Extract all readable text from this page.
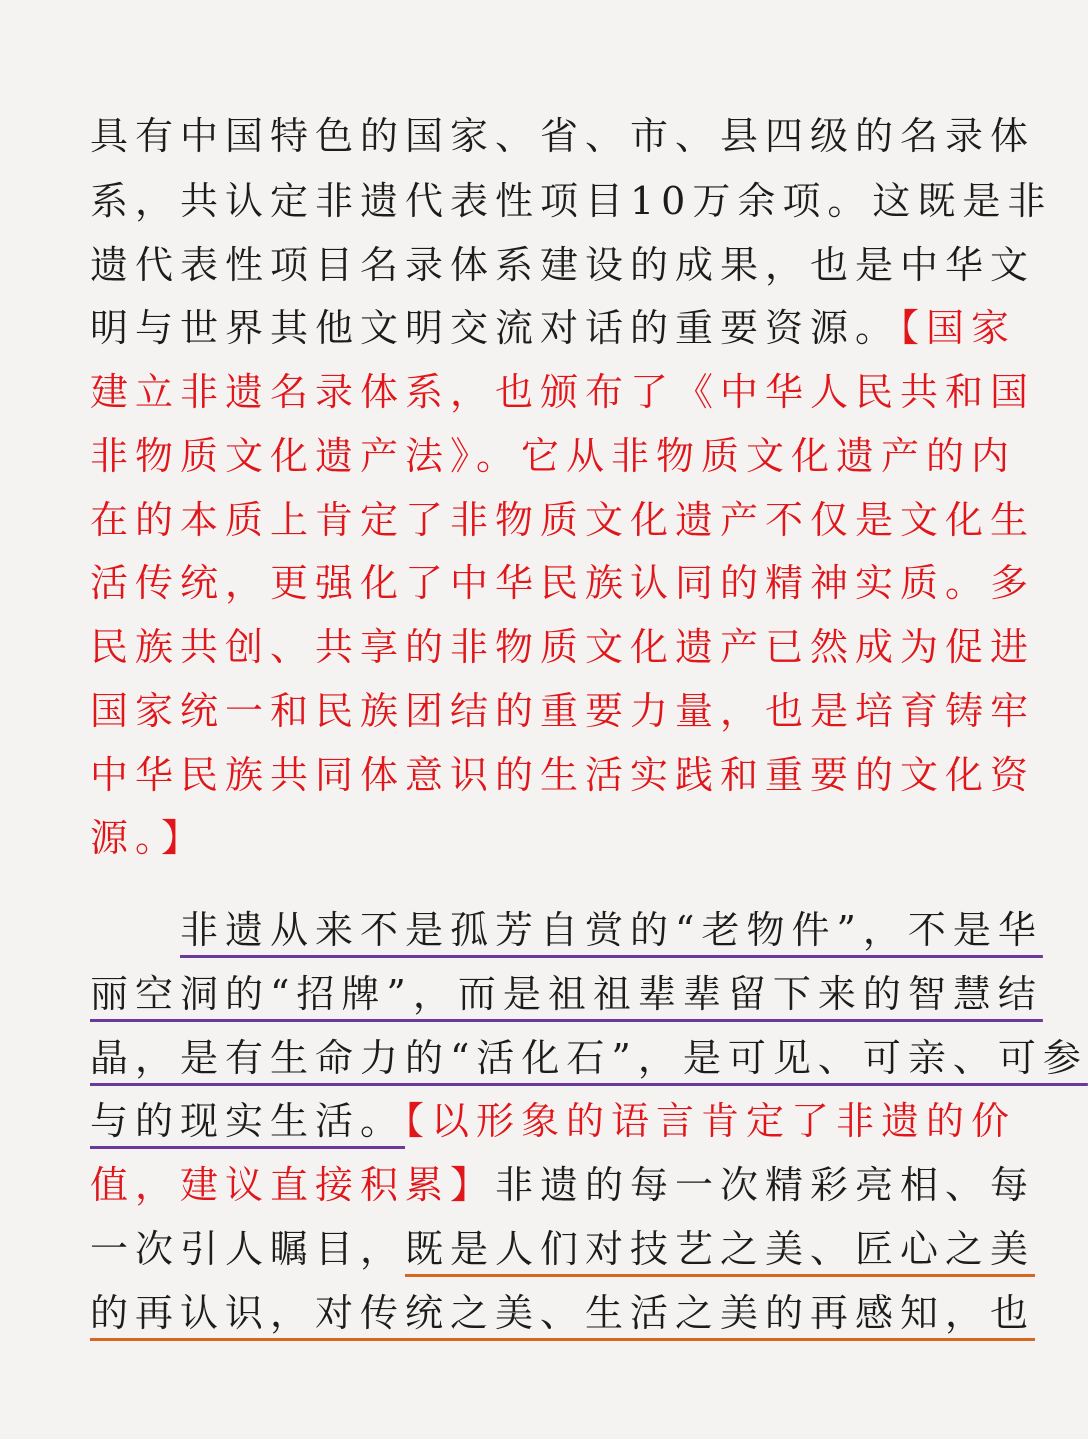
具有中国特色的国家、省、市、县四级的名录体
系，共认定非遗代表性项目10万余项。这既是非
遗代表性项目名录体系建设的成果，也是中华文
明与世界其他文明交流对话的重要资源。【国家
建立非遗名录体系，也颁布了《中华人民共和国
非物质文化遗产法》。它从非物质文化遗产的内
在的本质上肯定了非物质文化遗产不仅是文化生
活传统，更强化了中华民族认同的精神实质。多
民族共创、共享的非物质文化遗产已然成为促进
国家统一和民族团结的重要力量，也是培育铸牢
中华民族共同体意识的生活实践和重要的文化资
源。】
　　非遗从来不是孤芳自赏的“老物件”，不是华
丽空洞的“招牌”，而是祖祖辈辈留下来的智慧结
晶，是有生命力的“活化石”，是可见、可亲、可参
与的现实生活。【以形象的语言肯定了非遗的价
值，建议直接积累】非遗的每一次精彩亮相、每
一次引人瞩目，既是人们对技艺之美、匠心之美
的再认识，对传统之美、生活之美的再感知，也
